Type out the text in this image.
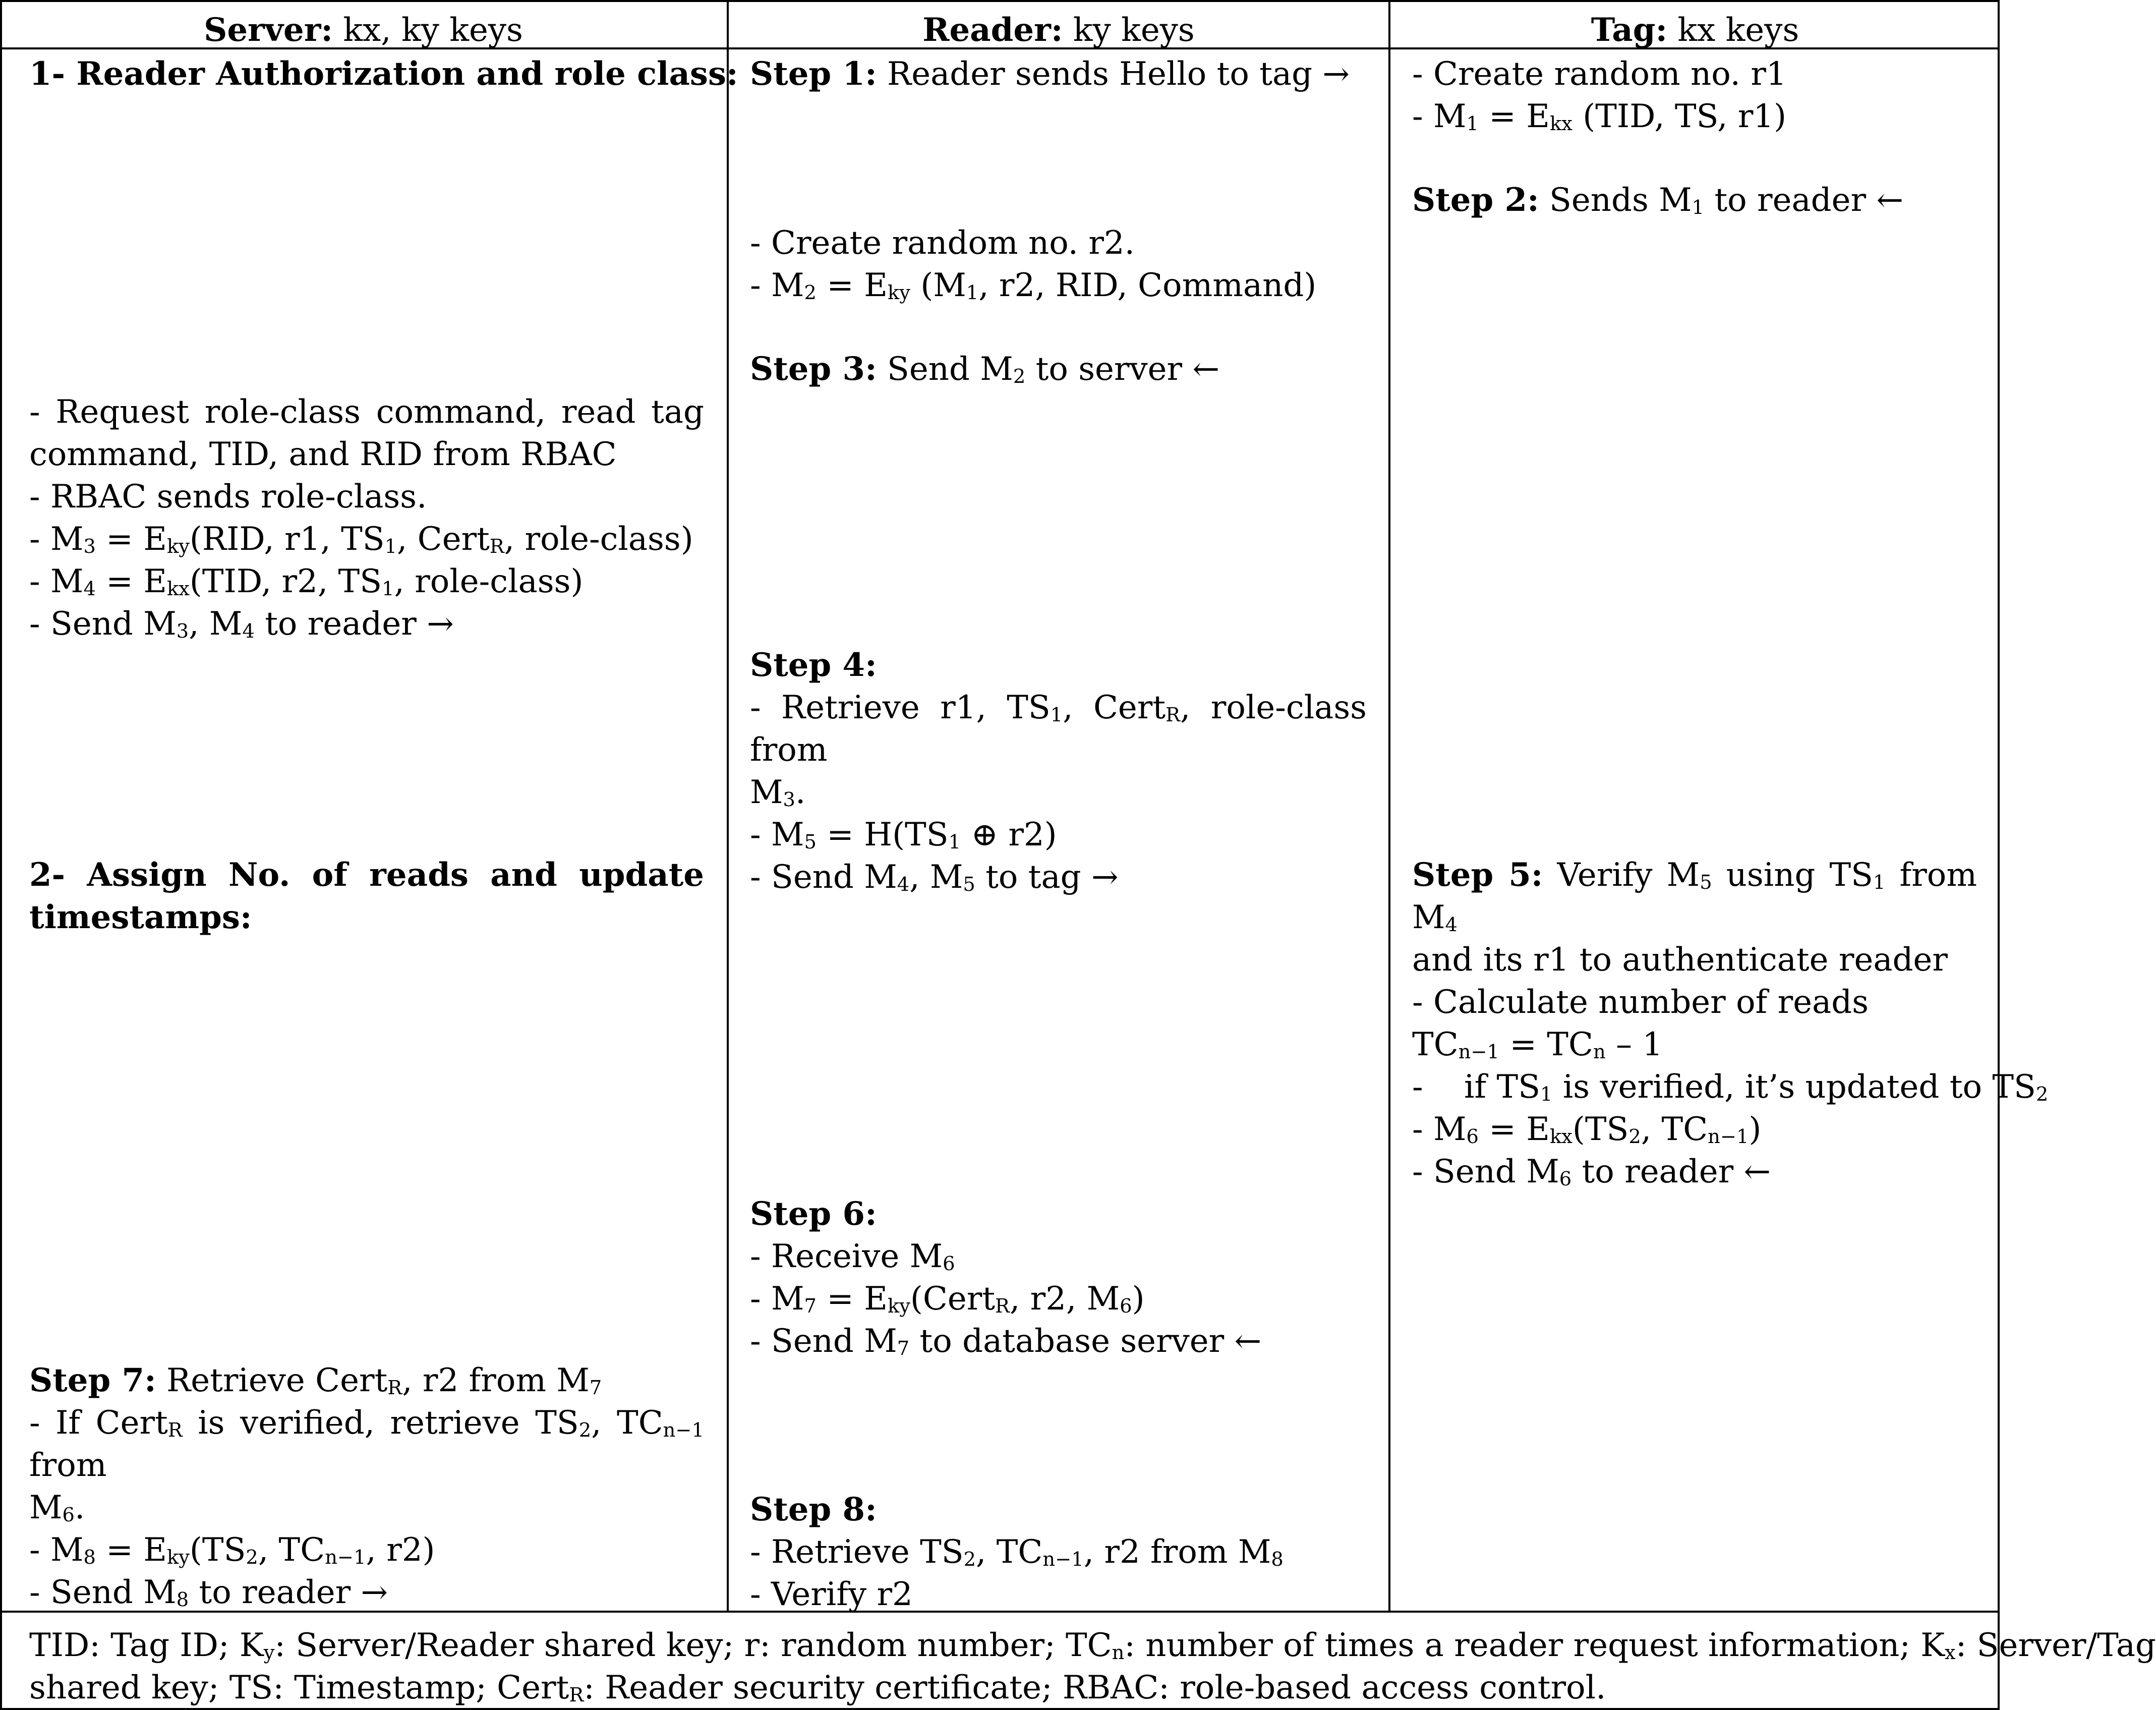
Server: kx, ky keys	Reader: ky keys	Tag: kx keys

1- Reader Authorization and role class:

- Request role-class command, read tag

command, TID, and RID from RBAC

- RBAC sends role-class.

- $M_3 = E_{ky}(RID$, r1, $TS_1$, Cert$_R$, role-class)

- $M_4 = E_{kx}(TID$, r2, $TS_1$, role-class)

- Send $M_3$, $M_4$ to reader →

2- Assign No. of reads and update

timestamps:

Step 7: Retrieve Cert$_R$, r2 from $M_7$

- If Cert$_R$ is verified, retrieve $TS_2$, $TC_{n-1}$ from

$M_6$.

- $M_8 = E_{ky}(TS_2$, $TC_{n-1}$, r2)

- Send $M_8$ to reader →

Step 1: Reader sends Hello to tag →

- Create random no. r2.

- $M_2 = E_{ky}$ ($M_1$, r2, RID, Command)

Step 3: Send $M_2$ to server ←

Step 4:

- Retrieve r1, $TS_1$, Cert$_R$, role-class from

$M_3$.

- $M_5 = H(TS_1$ ⊕ r2)

- Send $M_4$, $M_5$ to tag →

Step 6:

- Receive $M_6$

- $M_7$ = $E_{ky}(Cert_R$, r2, $M_6$)

- Send $M_7$ to database server ←

Step 8:

- Retrieve $TS_2$, $TC_{n-1}$, r2 from $M_8$

- Verify r2

- Create random no. r1

- $M_1 = E_{kx}$ (TID, TS, r1)

Step 2: Sends $M_1$ to reader ←

Step 5: Verify $M_5$ using $TS_1$ from $M_4$

and its r1 to authenticate reader

- Calculate number of reads

$TC_{n-1} = TC_n - 1$

-    if $TS_1$ is verified, it’s updated to $TS_2$

- $M_6 = E_{kx}(TS_2$, $TC_{n-1}$)

- Send $M_6$ to reader ←

TID: Tag ID; $K_y$: Server/Reader shared key; r: random number; $TC_n$: number of times a reader request information; $K_x$: Server/Tag

shared key; TS: Timestamp; Cert$_R$: Reader security certificate; RBAC: role-based access control.
